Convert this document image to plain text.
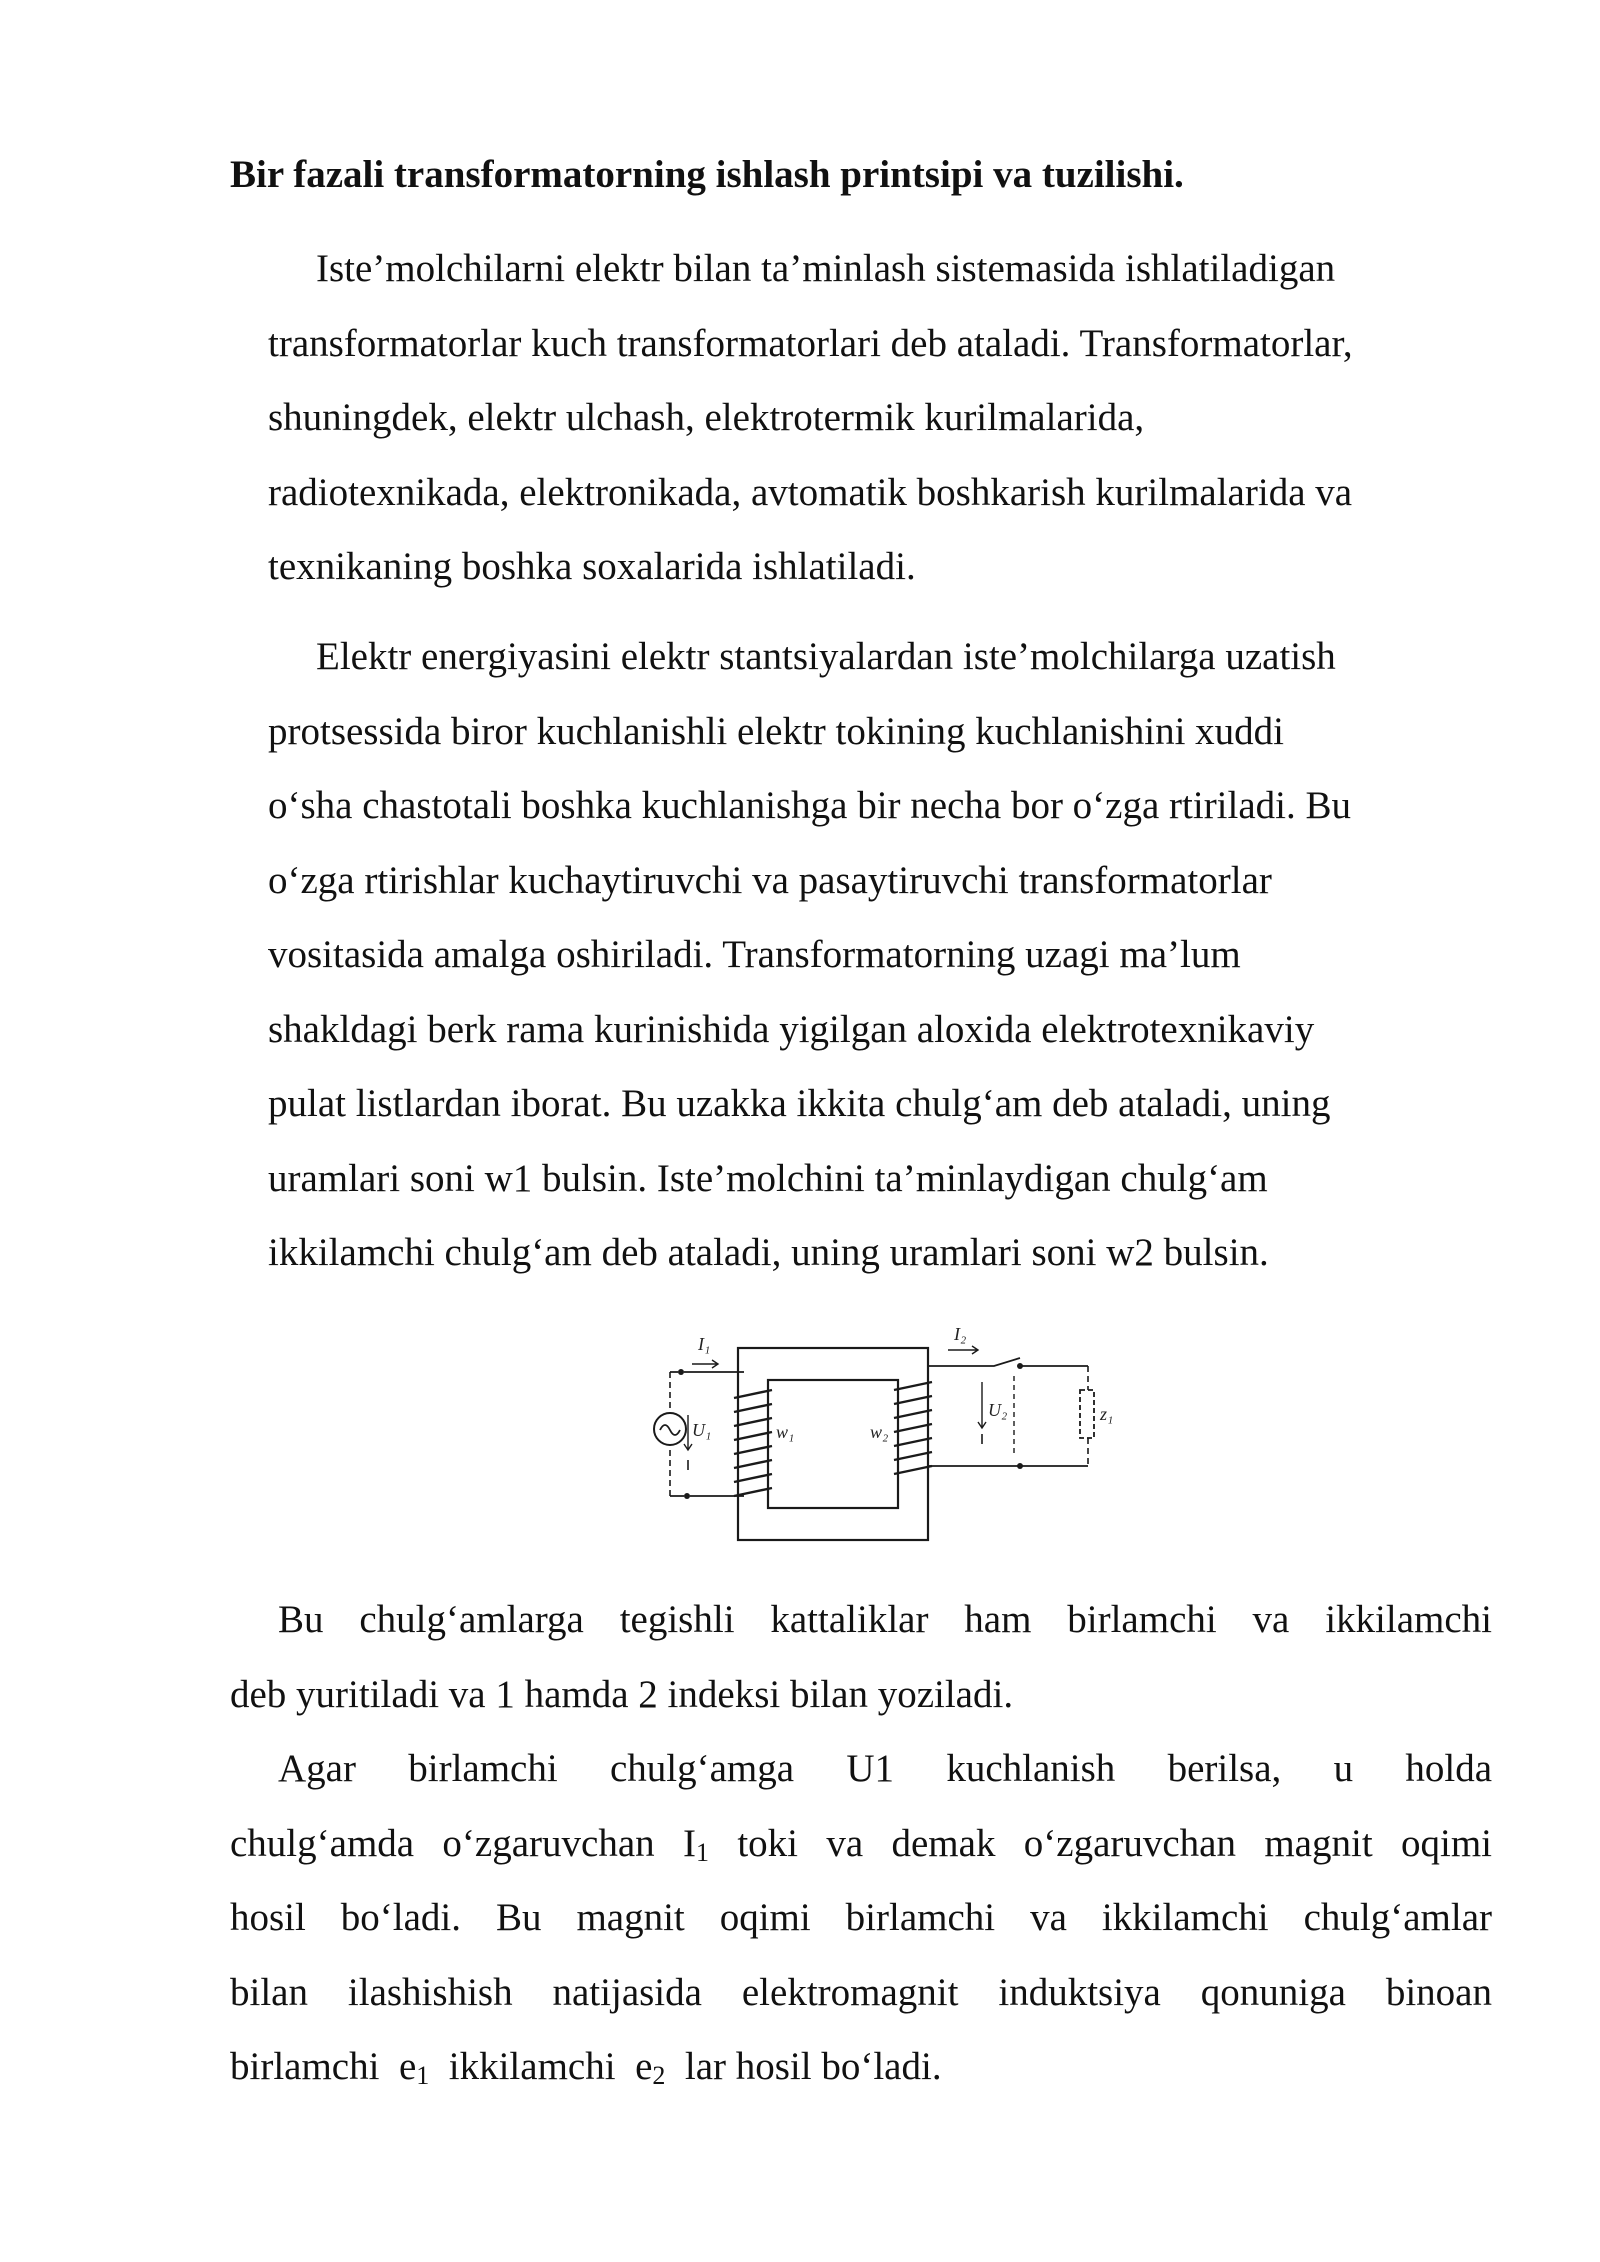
Bir fazali transformatorning ishlash printsipi va tuzilishi.
Iste’molchilarni elektr bilan ta’minlash sistemasida ishlatiladigan
transformatorlar kuch transformatorlari deb ataladi. Transformatorlar,
shuningdek, elektr ulchash, elektrotermik kurilmalarida,
radiotexnikada, elektronikada, avtomatik boshkarish kurilmalarida va
texnikaning boshka soxalarida ishlatiladi.
Elektr energiyasini elektr stantsiyalardan iste’molchilarga uzatish
protsessida biror kuchlanishli elektr tokining kuchlanishini xuddi
o‘sha chastotali boshka kuchlanishga bir necha bor o‘zga rtiriladi. Bu
o‘zga rtirishlar kuchaytiruvchi va pasaytiruvchi transformatorlar
vositasida amalga oshiriladi. Transformatorning uzagi ma’lum
shakldagi berk rama kurinishida yigilgan aloxida elektrotexnikaviy
pulat listlardan iborat. Bu uzakka ikkita chulg‘am deb ataladi, uning
uramlari soni w1 bulsin. Iste’molchini ta’minlaydigan chulg‘am
ikkilamchi chulg‘am deb ataladi, uning uramlari soni w2 bulsin.
I₁
U₁	w₁	w₂
I₂
U₂	z₁
Bu chulg‘amlarga tegishli kattaliklar ham birlamchi va ikkilamchi
deb yuritiladi va 1 hamda 2 indeksi bilan yoziladi.
Agar birlamchi chulg‘amga U1 kuchlanish berilsa, u holda
chulg‘amda o‘zgaruvchan $I_1$ toki va demak o‘zgaruvchan magnit oqimi
hosil bo‘ladi. Bu magnit oqimi birlamchi va ikkilamchi chulg‘amlar
bilan ilashishish natijasida elektromagnit induktsiya qonuniga binoan
birlamchi  $e_1$  ikkilamchi  $e_2$  lar hosil bo‘ladi.
